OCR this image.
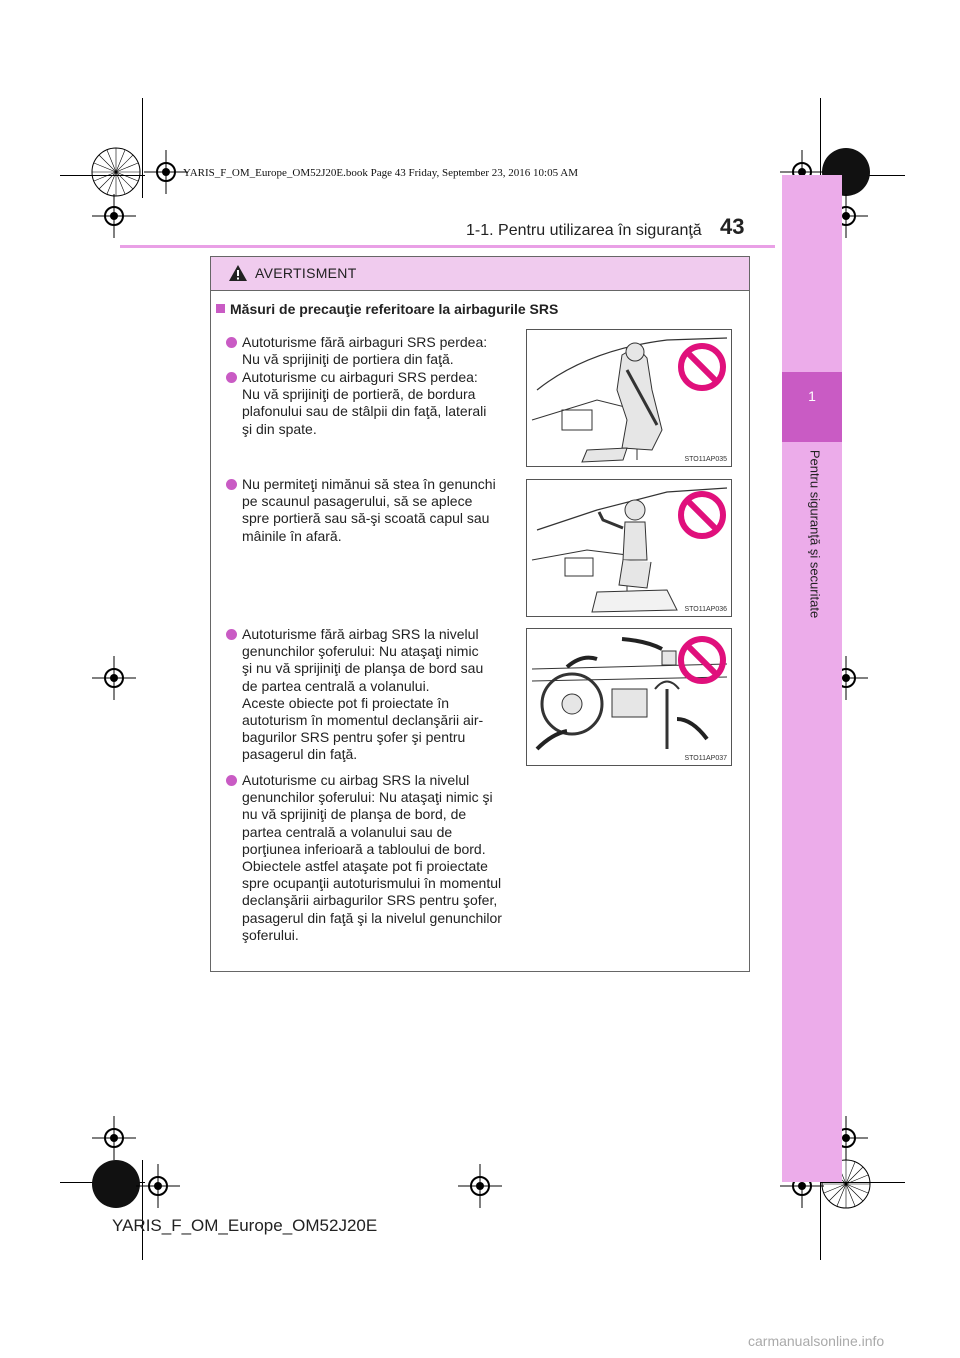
1
Pentru siguranţă şi securitate
YARIS_F_OM_Europe_OM52J20E.book Page 43 Friday, September 23, 2016 10:05 AM
1-1. Pentru utilizarea în siguranţă 43
AVERTISMENT
Măsuri de precauţie referitoare la airbagurile SRS
Autoturisme fără airbaguri SRS perdea:
Nu vă sprijiniţi de portiera din faţă.
Autoturisme cu airbaguri SRS perdea:
Nu vă sprijiniţi de portieră, de bordura
plafonului sau de stâlpii din faţă, laterali
şi din spate.
Nu permiteţi nimănui să stea în genunchi
pe scaunul pasagerului, să se aplece
spre portieră sau să-şi scoată capul sau
mâinile în afară.
Autoturisme fără airbag SRS la nivelul
genunchilor şoferului: Nu ataşaţi nimic
şi nu vă sprijiniţi de planşa de bord sau
de partea centrală a volanului.
Aceste obiecte pot fi proiectate în
autoturism în momentul declanşării air-
bagurilor SRS pentru şofer şi pentru
pasagerul din faţă.
Autoturisme cu airbag SRS la nivelul
genunchilor şoferului: Nu ataşaţi nimic şi
nu vă sprijiniţi de planşa de bord, de
partea centrală a volanului sau de
porţiunea inferioară a tabloului de bord.
Obiectele astfel ataşate pot fi proiectate
spre ocupanţii autoturismului în momentul
declanşării airbagurilor SRS pentru şofer,
pasagerul din faţă şi la nivelul genunchilor
şoferului.
STO11AP035
STO11AP036
STO11AP037
YARIS_F_OM_Europe_OM52J20E
carmanualsonline.info
